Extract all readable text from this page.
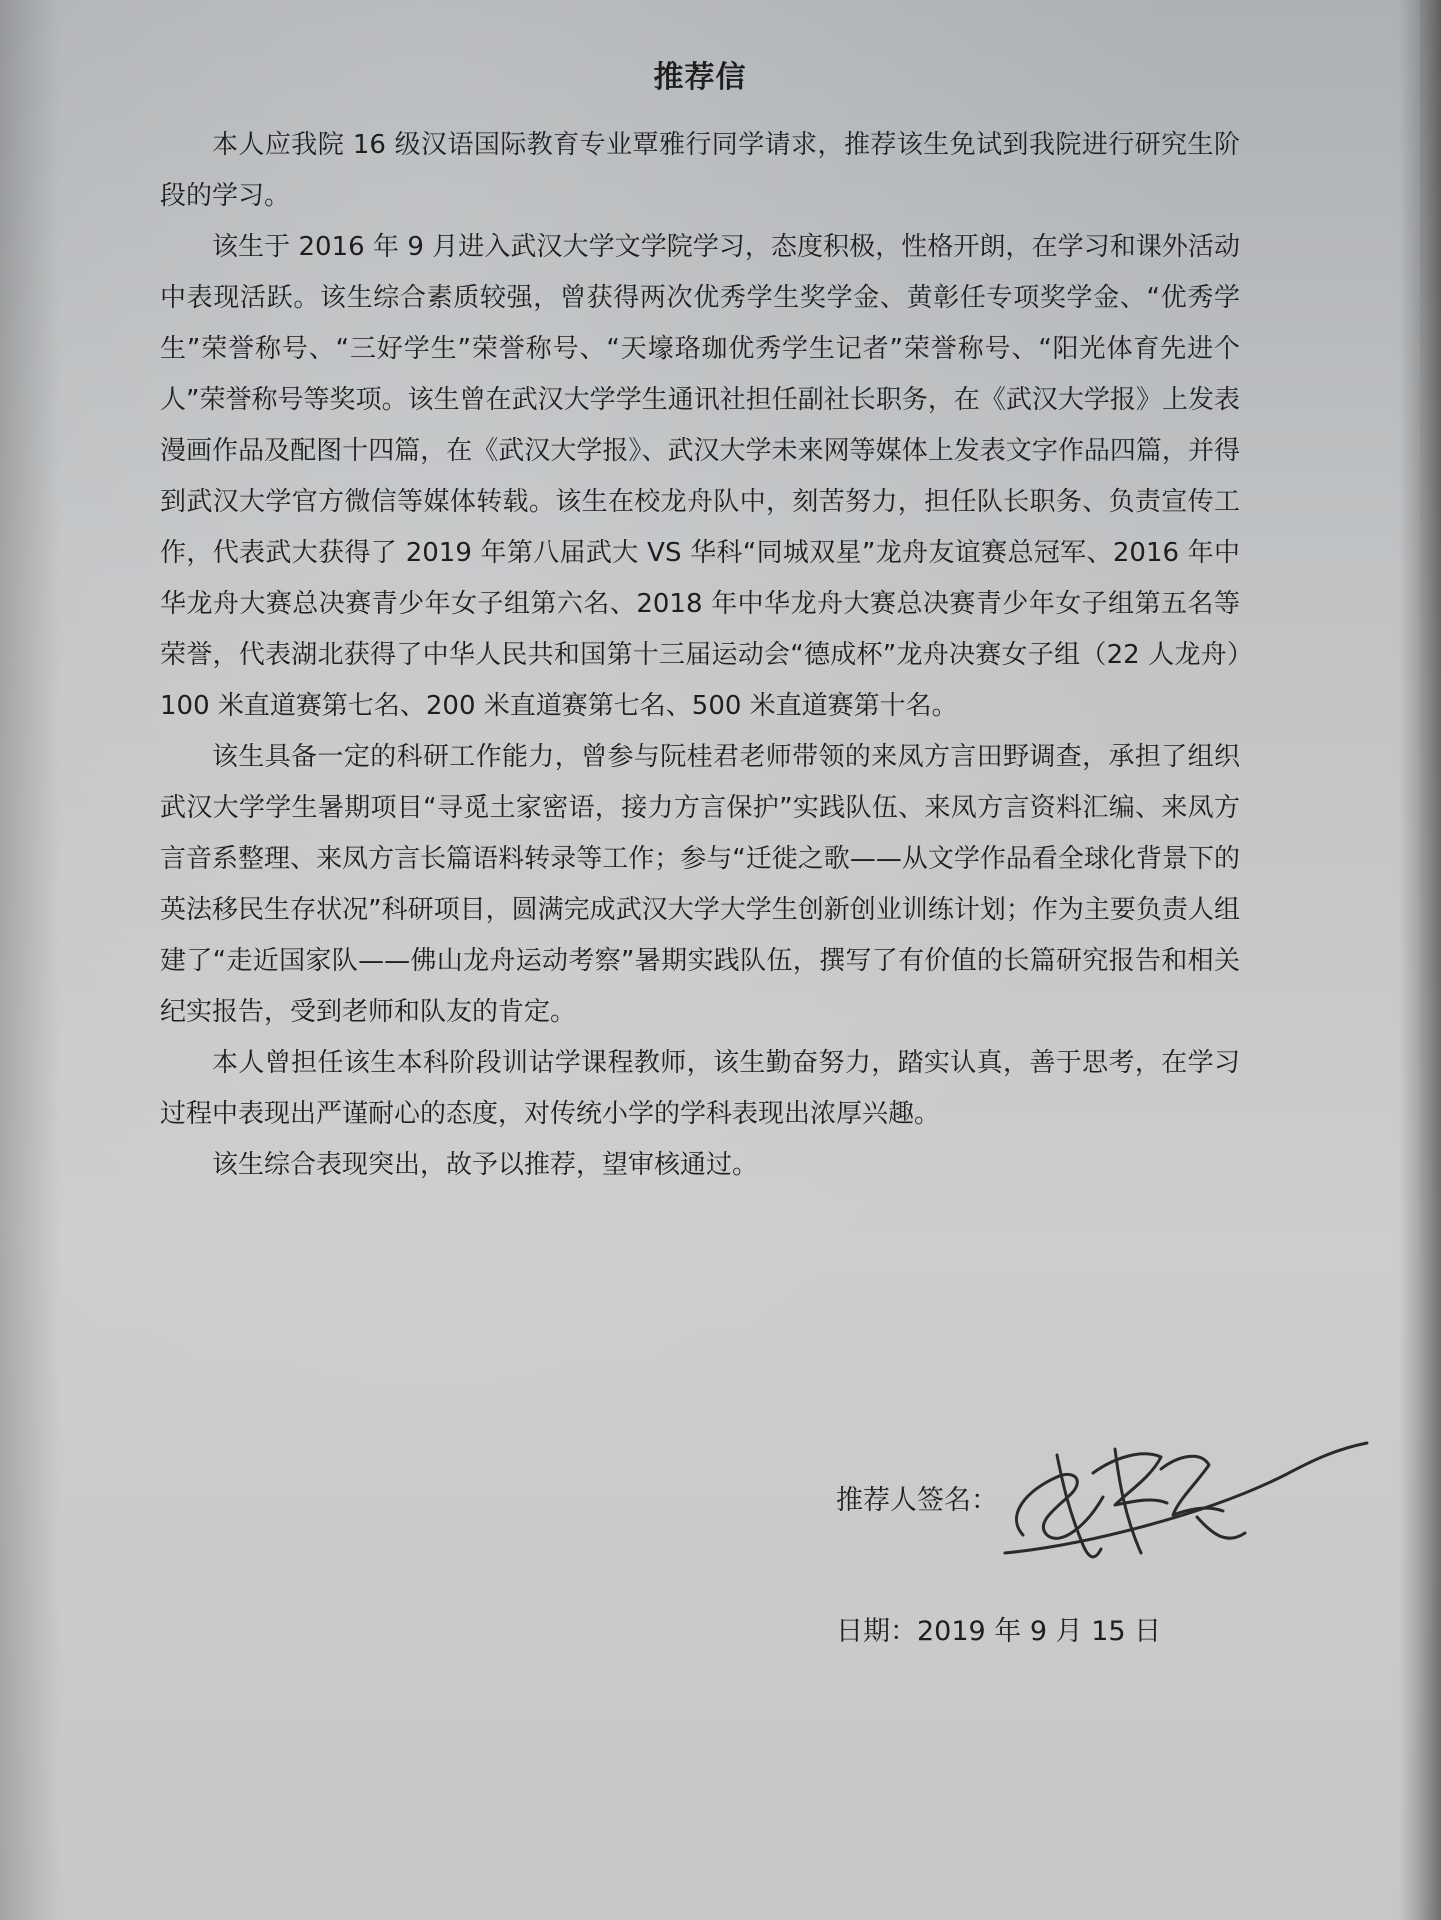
推荐信

本人应我院 16 级汉语国际教育专业覃雅行同学请求，推荐该生免试到我院进行研究生阶段的学习。

该生于 2016 年 9 月进入武汉大学文学院学习，态度积极，性格开朗，在学习和课外活动中表现活跃。该生综合素质较强，曾获得两次优秀学生奖学金、黄彰任专项奖学金、“优秀学生”荣誉称号、“三好学生”荣誉称号、“天壕珞珈优秀学生记者”荣誉称号、“阳光体育先进个人”荣誉称号等奖项。该生曾在武汉大学学生通讯社担任副社长职务，在《武汉大学报》上发表漫画作品及配图十四篇，在《武汉大学报》、武汉大学未来网等媒体上发表文字作品四篇，并得到武汉大学官方微信等媒体转载。该生在校龙舟队中，刻苦努力，担任队长职务、负责宣传工作，代表武大获得了 2019 年第八届武大 VS 华科“同城双星”龙舟友谊赛总冠军、2016 年中华龙舟大赛总决赛青少年女子组第六名、2018 年中华龙舟大赛总决赛青少年女子组第五名等荣誉，代表湖北获得了中华人民共和国第十三届运动会“德成杯”龙舟决赛女子组（22 人龙舟）100 米直道赛第七名、200 米直道赛第七名、500 米直道赛第十名。

该生具备一定的科研工作能力，曾参与阮桂君老师带领的来凤方言田野调查，承担了组织武汉大学学生暑期项目“寻觅土家密语，接力方言保护”实践队伍、来凤方言资料汇编、来凤方言音系整理、来凤方言长篇语料转录等工作；参与“迁徙之歌——从文学作品看全球化背景下的英法移民生存状况”科研项目，圆满完成武汉大学大学生创新创业训练计划；作为主要负责人组建了“走近国家队——佛山龙舟运动考察”暑期实践队伍，撰写了有价值的长篇研究报告和相关纪实报告，受到老师和队友的肯定。

本人曾担任该生本科阶段训诂学课程教师，该生勤奋努力，踏实认真，善于思考，在学习过程中表现出严谨耐心的态度，对传统小学的学科表现出浓厚兴趣。

该生综合表现突出，故予以推荐，望审核通过。

推荐人签名：
日期：2019 年 9 月 15 日
